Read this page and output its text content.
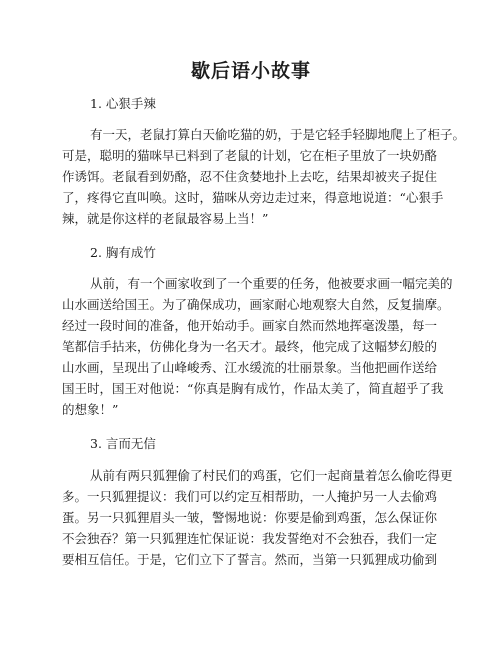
歇后语小故事
1. 心狠手辣
有一天，老鼠打算白天偷吃猫的奶，于是它轻手轻脚地爬上了柜子。
可是，聪明的猫咪早已料到了老鼠的计划，它在柜子里放了一块奶酪
作诱饵。老鼠看到奶酪，忍不住贪婪地扑上去吃，结果却被夹子捉住
了，疼得它直叫唤。这时，猫咪从旁边走过来，得意地说道：“心狠手
辣，就是你这样的老鼠最容易上当！”
2. 胸有成竹
从前，有一个画家收到了一个重要的任务，他被要求画一幅完美的
山水画送给国王。为了确保成功，画家耐心地观察大自然，反复揣摩。
经过一段时间的准备，他开始动手。画家自然而然地挥毫泼墨，每一
笔都信手拈来，仿佛化身为一名天才。最终，他完成了这幅梦幻般的
山水画，呈现出了山峰峻秀、江水缓流的壮丽景象。当他把画作送给
国王时，国王对他说：“你真是胸有成竹，作品太美了，简直超乎了我
的想象！”
3. 言而无信
从前有两只狐狸偷了村民们的鸡蛋，它们一起商量着怎么偷吃得更
多。一只狐狸提议：我们可以约定互相帮助，一人掩护另一人去偷鸡
蛋。另一只狐狸眉头一皱，警惕地说：你要是偷到鸡蛋，怎么保证你
不会独吞？第一只狐狸连忙保证说：我发誓绝对不会独吞，我们一定
要相互信任。于是，它们立下了誓言。然而，当第一只狐狸成功偷到
